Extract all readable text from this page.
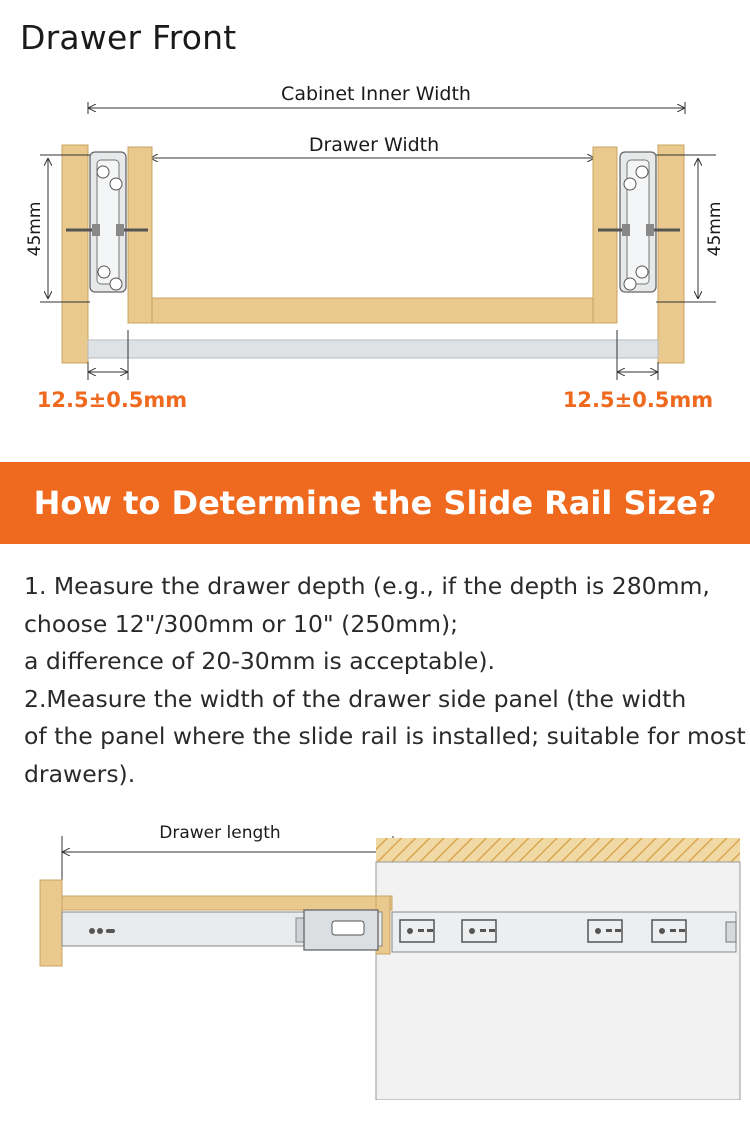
Drawer Front
Cabinet Inner Width
Drawer Width
45mm	45mm
12.5±0.5mm	12.5±0.5mm
How to Determine the Slide Rail Size?

1. Measure the drawer depth (e.g., if the depth is 280mm,

choose 12"/300mm or 10" (250mm);

a difference of 20-30mm is acceptable).

2.Measure the width of the drawer side panel (the width

of the panel where the slide rail is installed; suitable for most

drawers).

Drawer length
